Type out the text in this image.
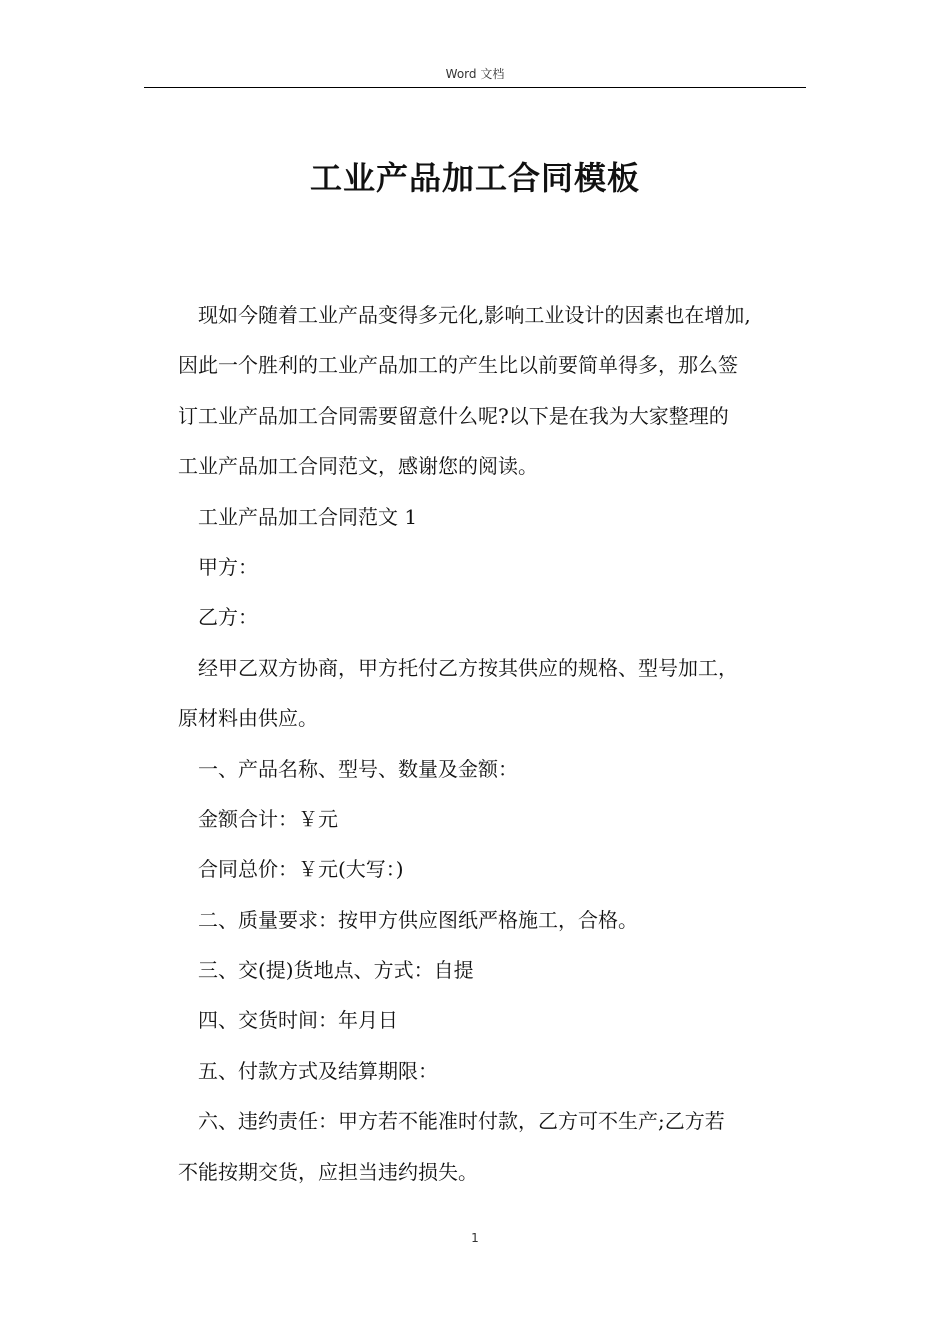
Word 文档
工业产品加工合同模板
现如今随着工业产品变得多元化,影响工业设计的因素也在增加,
因此一个胜利的工业产品加工的产生比以前要简单得多，那么签
订工业产品加工合同需要留意什么呢?以下是在我为大家整理的
工业产品加工合同范文，感谢您的阅读。
工业产品加工合同范文 1
甲方：
乙方：
经甲乙双方协商，甲方托付乙方按其供应的规格、型号加工，
原材料由供应。
一、产品名称、型号、数量及金额：
金额合计：￥元
合同总价：￥元(大写：)
二、质量要求：按甲方供应图纸严格施工，合格。
三、交(提)货地点、方式：自提
四、交货时间：年月日
五、付款方式及结算期限：
六、违约责任：甲方若不能准时付款，乙方可不生产;乙方若
不能按期交货，应担当违约损失。
1
